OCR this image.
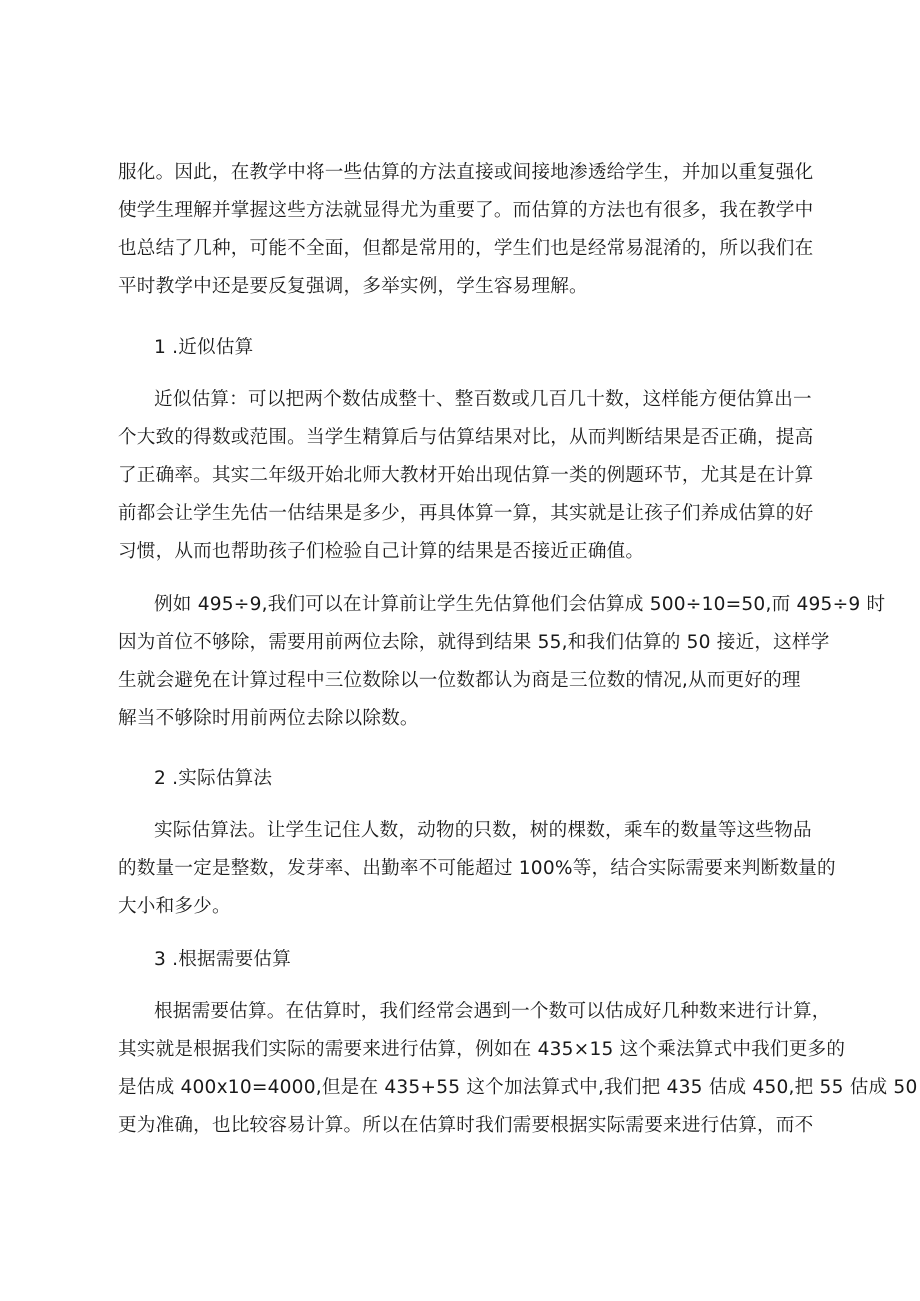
服化。因此，在教学中将一些估算的方法直接或间接地渗透给学生，并加以重复强化
使学生理解并掌握这些方法就显得尤为重要了。而估算的方法也有很多，我在教学中
也总结了几种，可能不全面，但都是常用的，学生们也是经常易混淆的，所以我们在
平时教学中还是要反复强调，多举实例，学生容易理解。
1 .近似估算
近似估算：可以把两个数估成整十、整百数或几百几十数，这样能方便估算出一
个大致的得数或范围。当学生精算后与估算结果对比，从而判断结果是否正确，提高
了正确率。其实二年级开始北师大教材开始出现估算一类的例题环节，尤其是在计算
前都会让学生先估一估结果是多少，再具体算一算，其实就是让孩子们养成估算的好
习惯，从而也帮助孩子们检验自己计算的结果是否接近正确值。
例如 495÷9,我们可以在计算前让学生先估算他们会估算成 500÷10=50,而 495÷9 时
因为首位不够除，需要用前两位去除，就得到结果 55,和我们估算的 50 接近，这样学
生就会避免在计算过程中三位数除以一位数都认为商是三位数的情况,从而更好的理
解当不够除时用前两位去除以除数。
2 .实际估算法
实际估算法。让学生记住人数，动物的只数，树的棵数，乘车的数量等这些物品
的数量一定是整数，发芽率、出勤率不可能超过 100%等，结合实际需要来判断数量的
大小和多少。
3 .根据需要估算
根据需要估算。在估算时，我们经常会遇到一个数可以估成好几种数来进行计算，
其实就是根据我们实际的需要来进行估算，例如在 435×15 这个乘法算式中我们更多的
是估成 400x10=4000,但是在 435+55 这个加法算式中,我们把 435 估成 450,把 55 估成 50
更为准确，也比较容易计算。所以在估算时我们需要根据实际需要来进行估算，而不
